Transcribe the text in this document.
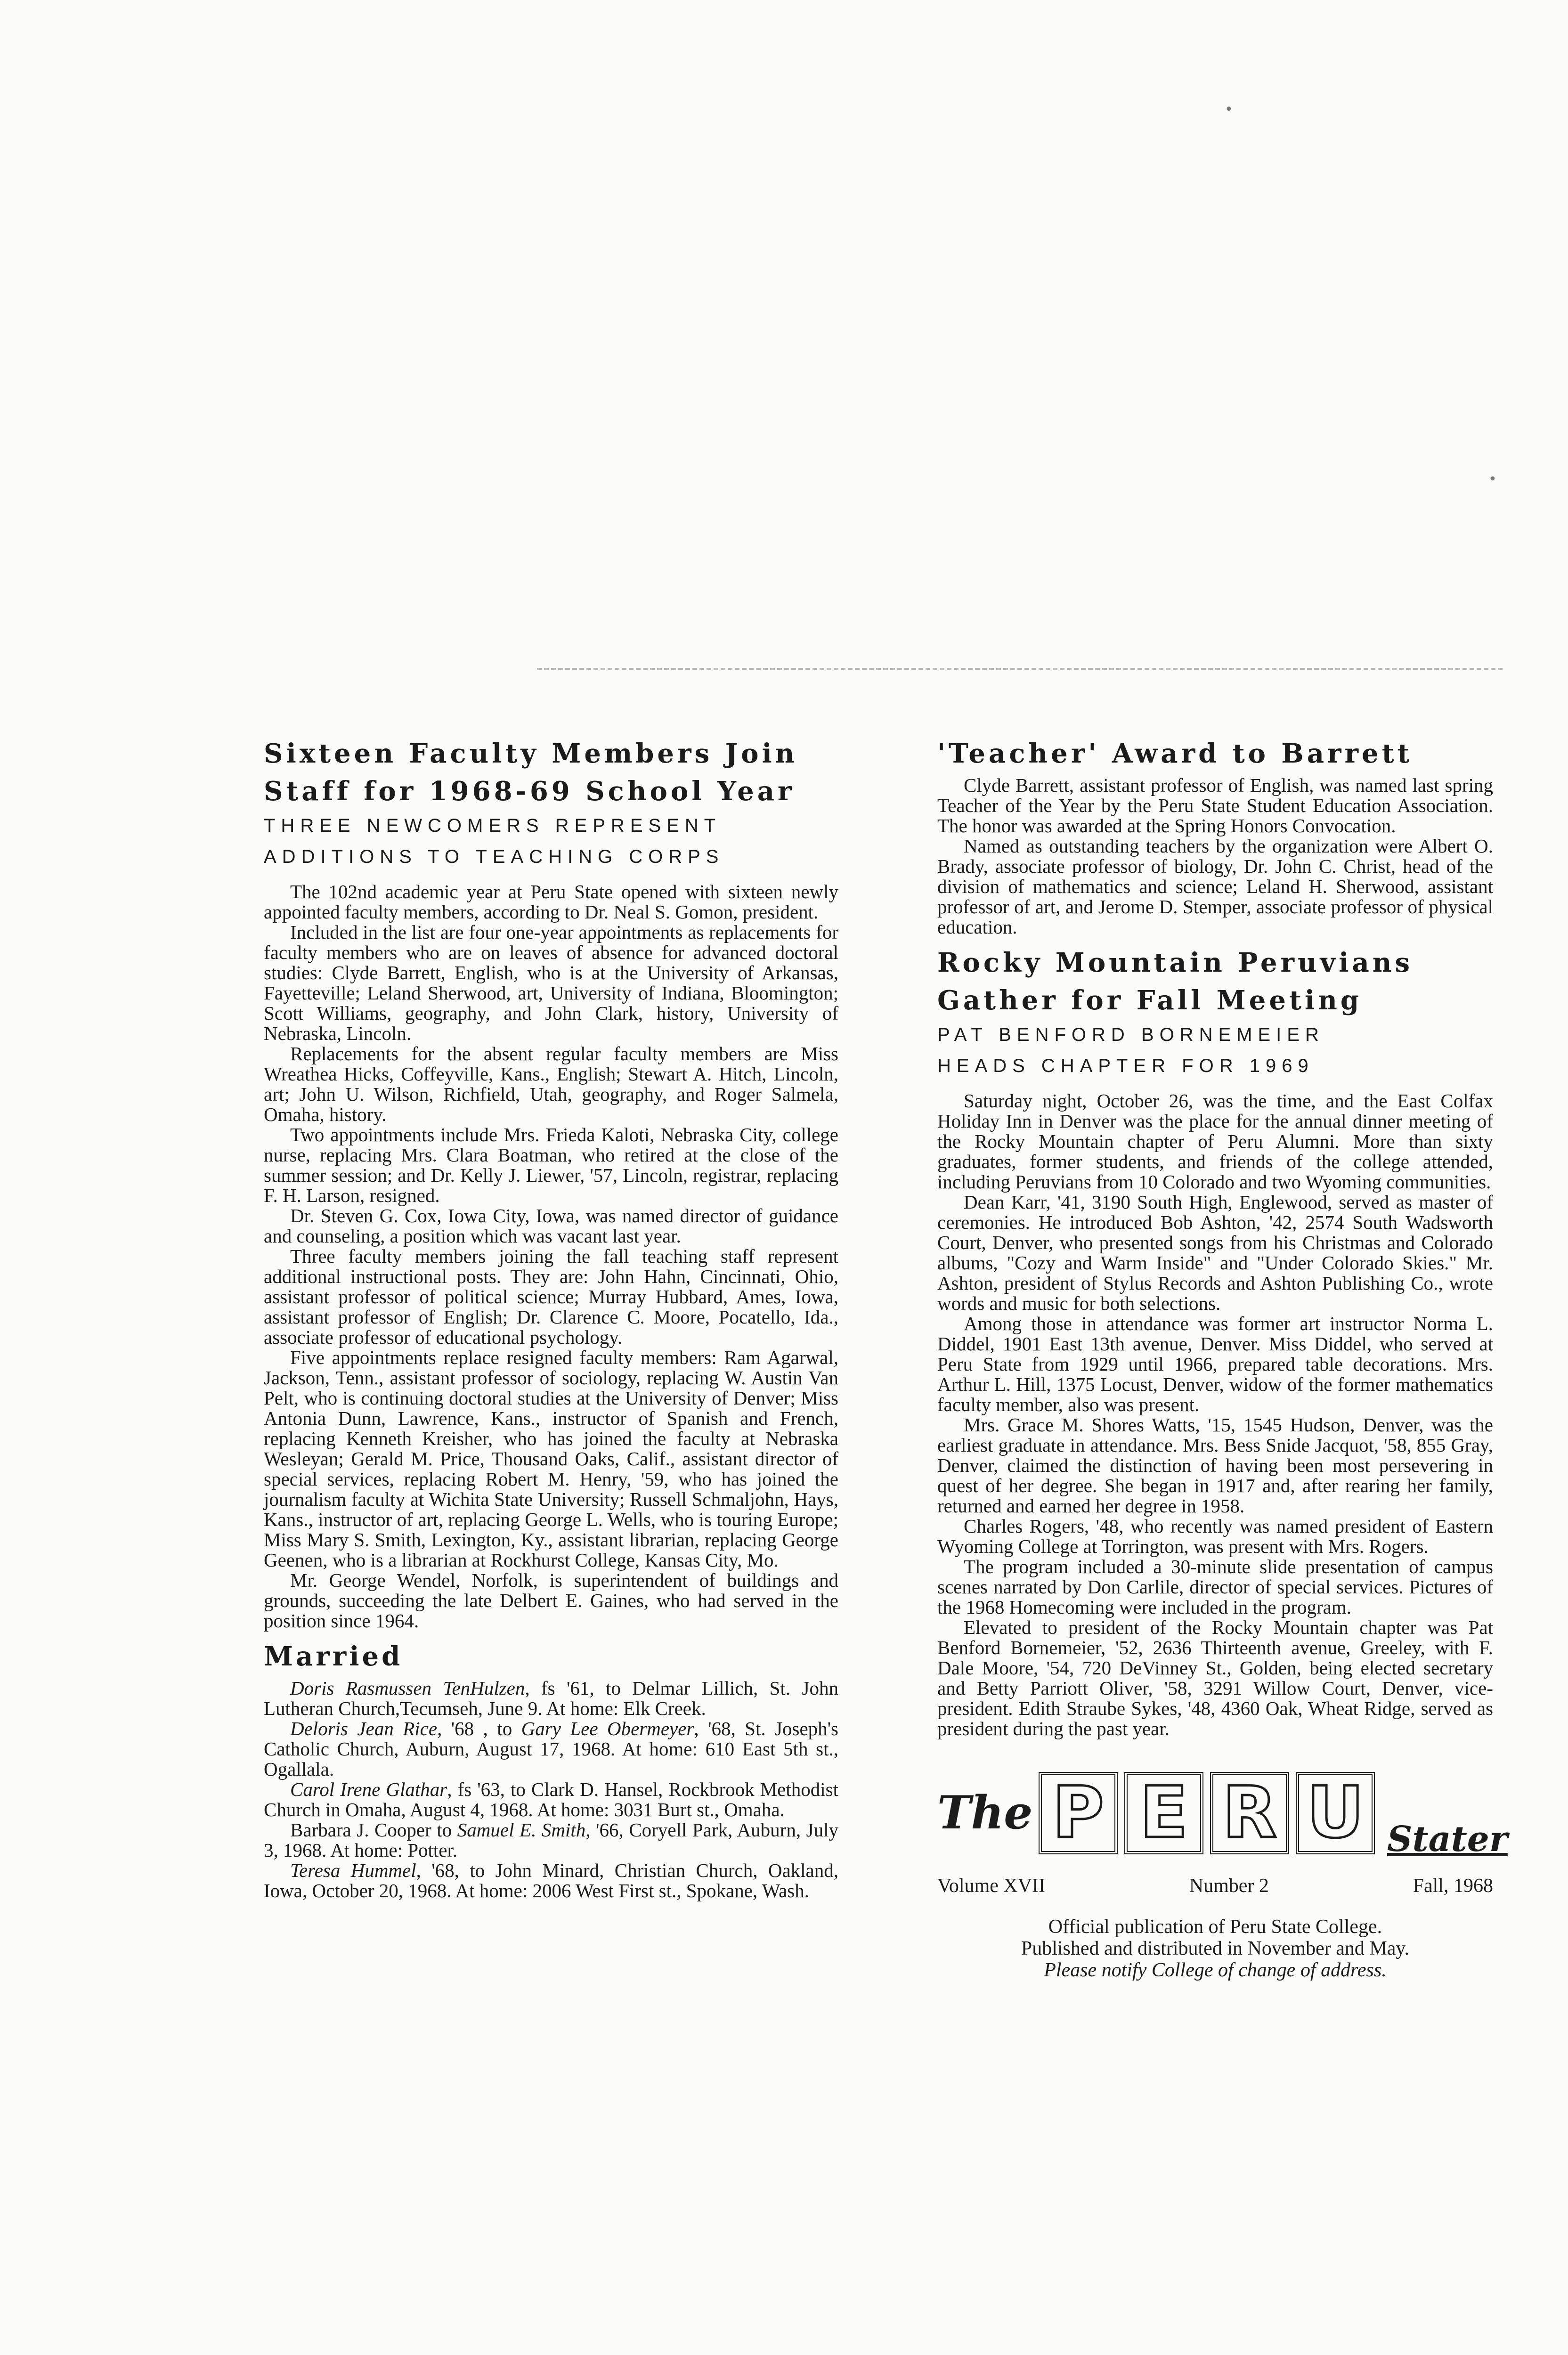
•
•
Sixteen Faculty Members Join
Staff for 1968-69 School Year
THREE NEWCOMERS REPRESENT
ADDITIONS TO TEACHING CORPS

The 102nd academic year at Peru State opened with sixteen newly appointed faculty members, according to Dr. Neal S. Gomon, president.

Included in the list are four one-year appointments as replacements for faculty members who are on leaves of absence for advanced doctoral studies: Clyde Barrett, English, who is at the University of Arkansas, Fayetteville; Leland Sherwood, art, University of Indiana, Bloomington; Scott Williams, geography, and John Clark, history, University of Nebraska, Lincoln.

Replacements for the absent regular faculty members are Miss Wreathea Hicks, Coffeyville, Kans., English; Stewart A. Hitch, Lincoln, art; John U. Wilson, Richfield, Utah, geography, and Roger Salmela, Omaha, history.

Two appointments include Mrs. Frieda Kaloti, Nebraska City, college nurse, replacing Mrs. Clara Boatman, who retired at the close of the summer session; and Dr. Kelly J. Liewer, '57, Lincoln, registrar, replacing F. H. Larson, resigned.

Dr. Steven G. Cox, Iowa City, Iowa, was named director of guidance and counseling, a position which was vacant last year.

Three faculty members joining the fall teaching staff represent additional instructional posts. They are: John Hahn, Cincinnati, Ohio, assistant professor of political science; Murray Hubbard, Ames, Iowa, assistant professor of English; Dr. Clarence C. Moore, Pocatello, Ida., associate professor of educational psychology.

Five appointments replace resigned faculty members: Ram Agarwal, Jackson, Tenn., assistant professor of sociology, replacing W. Austin Van Pelt, who is continuing doctoral studies at the University of Denver; Miss Antonia Dunn, Lawrence, Kans., instructor of Spanish and French, replacing Kenneth Kreisher, who has joined the faculty at Nebraska Wesleyan; Gerald M. Price, Thousand Oaks, Calif., assistant director of special services, replacing Robert M. Henry, '59, who has joined the journalism faculty at Wichita State University; Russell Schmaljohn, Hays, Kans., instructor of art, replacing George L. Wells, who is touring Europe; Miss Mary S. Smith, Lexington, Ky., assistant librarian, replacing George Geenen, who is a librarian at Rockhurst College, Kansas City, Mo.

Mr. George Wendel, Norfolk, is superintendent of buildings and grounds, succeeding the late Delbert E. Gaines, who had served in the position since 1964.

Married

Doris Rasmussen TenHulzen, fs '61, to Delmar Lillich, St. John Lutheran Church,Tecumseh, June 9. At home: Elk Creek.

Deloris Jean Rice, '68 , to Gary Lee Obermeyer, '68, St. Joseph's Catholic Church, Auburn, August 17, 1968. At home: 610 East 5th st., Ogallala.

Carol Irene Glathar, fs '63, to Clark D. Hansel, Rockbrook Methodist Church in Omaha, August 4, 1968. At home: 3031 Burt st., Omaha.

Barbara J. Cooper to Samuel E. Smith, '66, Coryell Park, Auburn, July 3, 1968. At home: Potter.

Teresa Hummel, '68, to John Minard, Christian Church, Oakland, Iowa, October 20, 1968. At home: 2006 West First st., Spokane, Wash.

'Teacher' Award to Barrett

Clyde Barrett, assistant professor of English, was named last spring Teacher of the Year by the Peru State Student Education Association. The honor was awarded at the Spring Honors Convocation.

Named as outstanding teachers by the organization were Albert O. Brady, associate professor of biology, Dr. John C. Christ, head of the division of mathematics and science; Leland H. Sherwood, assistant professor of art, and Jerome D. Stemper, associate professor of physical education.

Rocky Mountain Peruvians
Gather for Fall Meeting
PAT BENFORD BORNEMEIER
HEADS CHAPTER FOR 1969

Saturday night, October 26, was the time, and the East Colfax Holiday Inn in Denver was the place for the annual dinner meeting of the Rocky Mountain chapter of Peru Alumni. More than sixty graduates, former students, and friends of the college attended, including Peruvians from 10 Colorado and two Wyoming communities.

Dean Karr, '41, 3190 South High, Englewood, served as master of ceremonies. He introduced Bob Ashton, '42, 2574 South Wadsworth Court, Denver, who presented songs from his Christmas and Colorado albums, "Cozy and Warm Inside" and "Under Colorado Skies." Mr. Ashton, president of Stylus Records and Ashton Publishing Co., wrote words and music for both selections.

Among those in attendance was former art instructor Norma L. Diddel, 1901 East 13th avenue, Denver. Miss Diddel, who served at Peru State from 1929 until 1966, prepared table decorations. Mrs. Arthur L. Hill, 1375 Locust, Denver, widow of the former mathematics faculty member, also was present.

Mrs. Grace M. Shores Watts, '15, 1545 Hudson, Denver, was the earliest graduate in attendance. Mrs. Bess Snide Jacquot, '58, 855 Gray, Denver, claimed the distinction of having been most persevering in quest of her degree. She began in 1917 and, after rearing her family, returned and earned her degree in 1958.

Charles Rogers, '48, who recently was named president of Eastern Wyoming College at Torrington, was present with Mrs. Rogers.

The program included a 30-minute slide presentation of campus scenes narrated by Don Carlile, director of special services. Pictures of the 1968 Homecoming were included in the program.

Elevated to president of the Rocky Mountain chapter was Pat Benford Bornemeier, '52, 2636 Thirteenth avenue, Greeley, with F. Dale Moore, '54, 720 DeVinney St., Golden, being elected secretary and Betty Parriott Oliver, '58, 3291 Willow Court, Denver, vice-president. Edith Straube Sykes, '48, 4360 Oak, Wheat Ridge, served as president during the past year.

The P E R U Stater
Volume XVII	Number 2	Fall, 1968

Official publication of Peru State College.

Published and distributed in November and May.

Please notify College of change of address.
